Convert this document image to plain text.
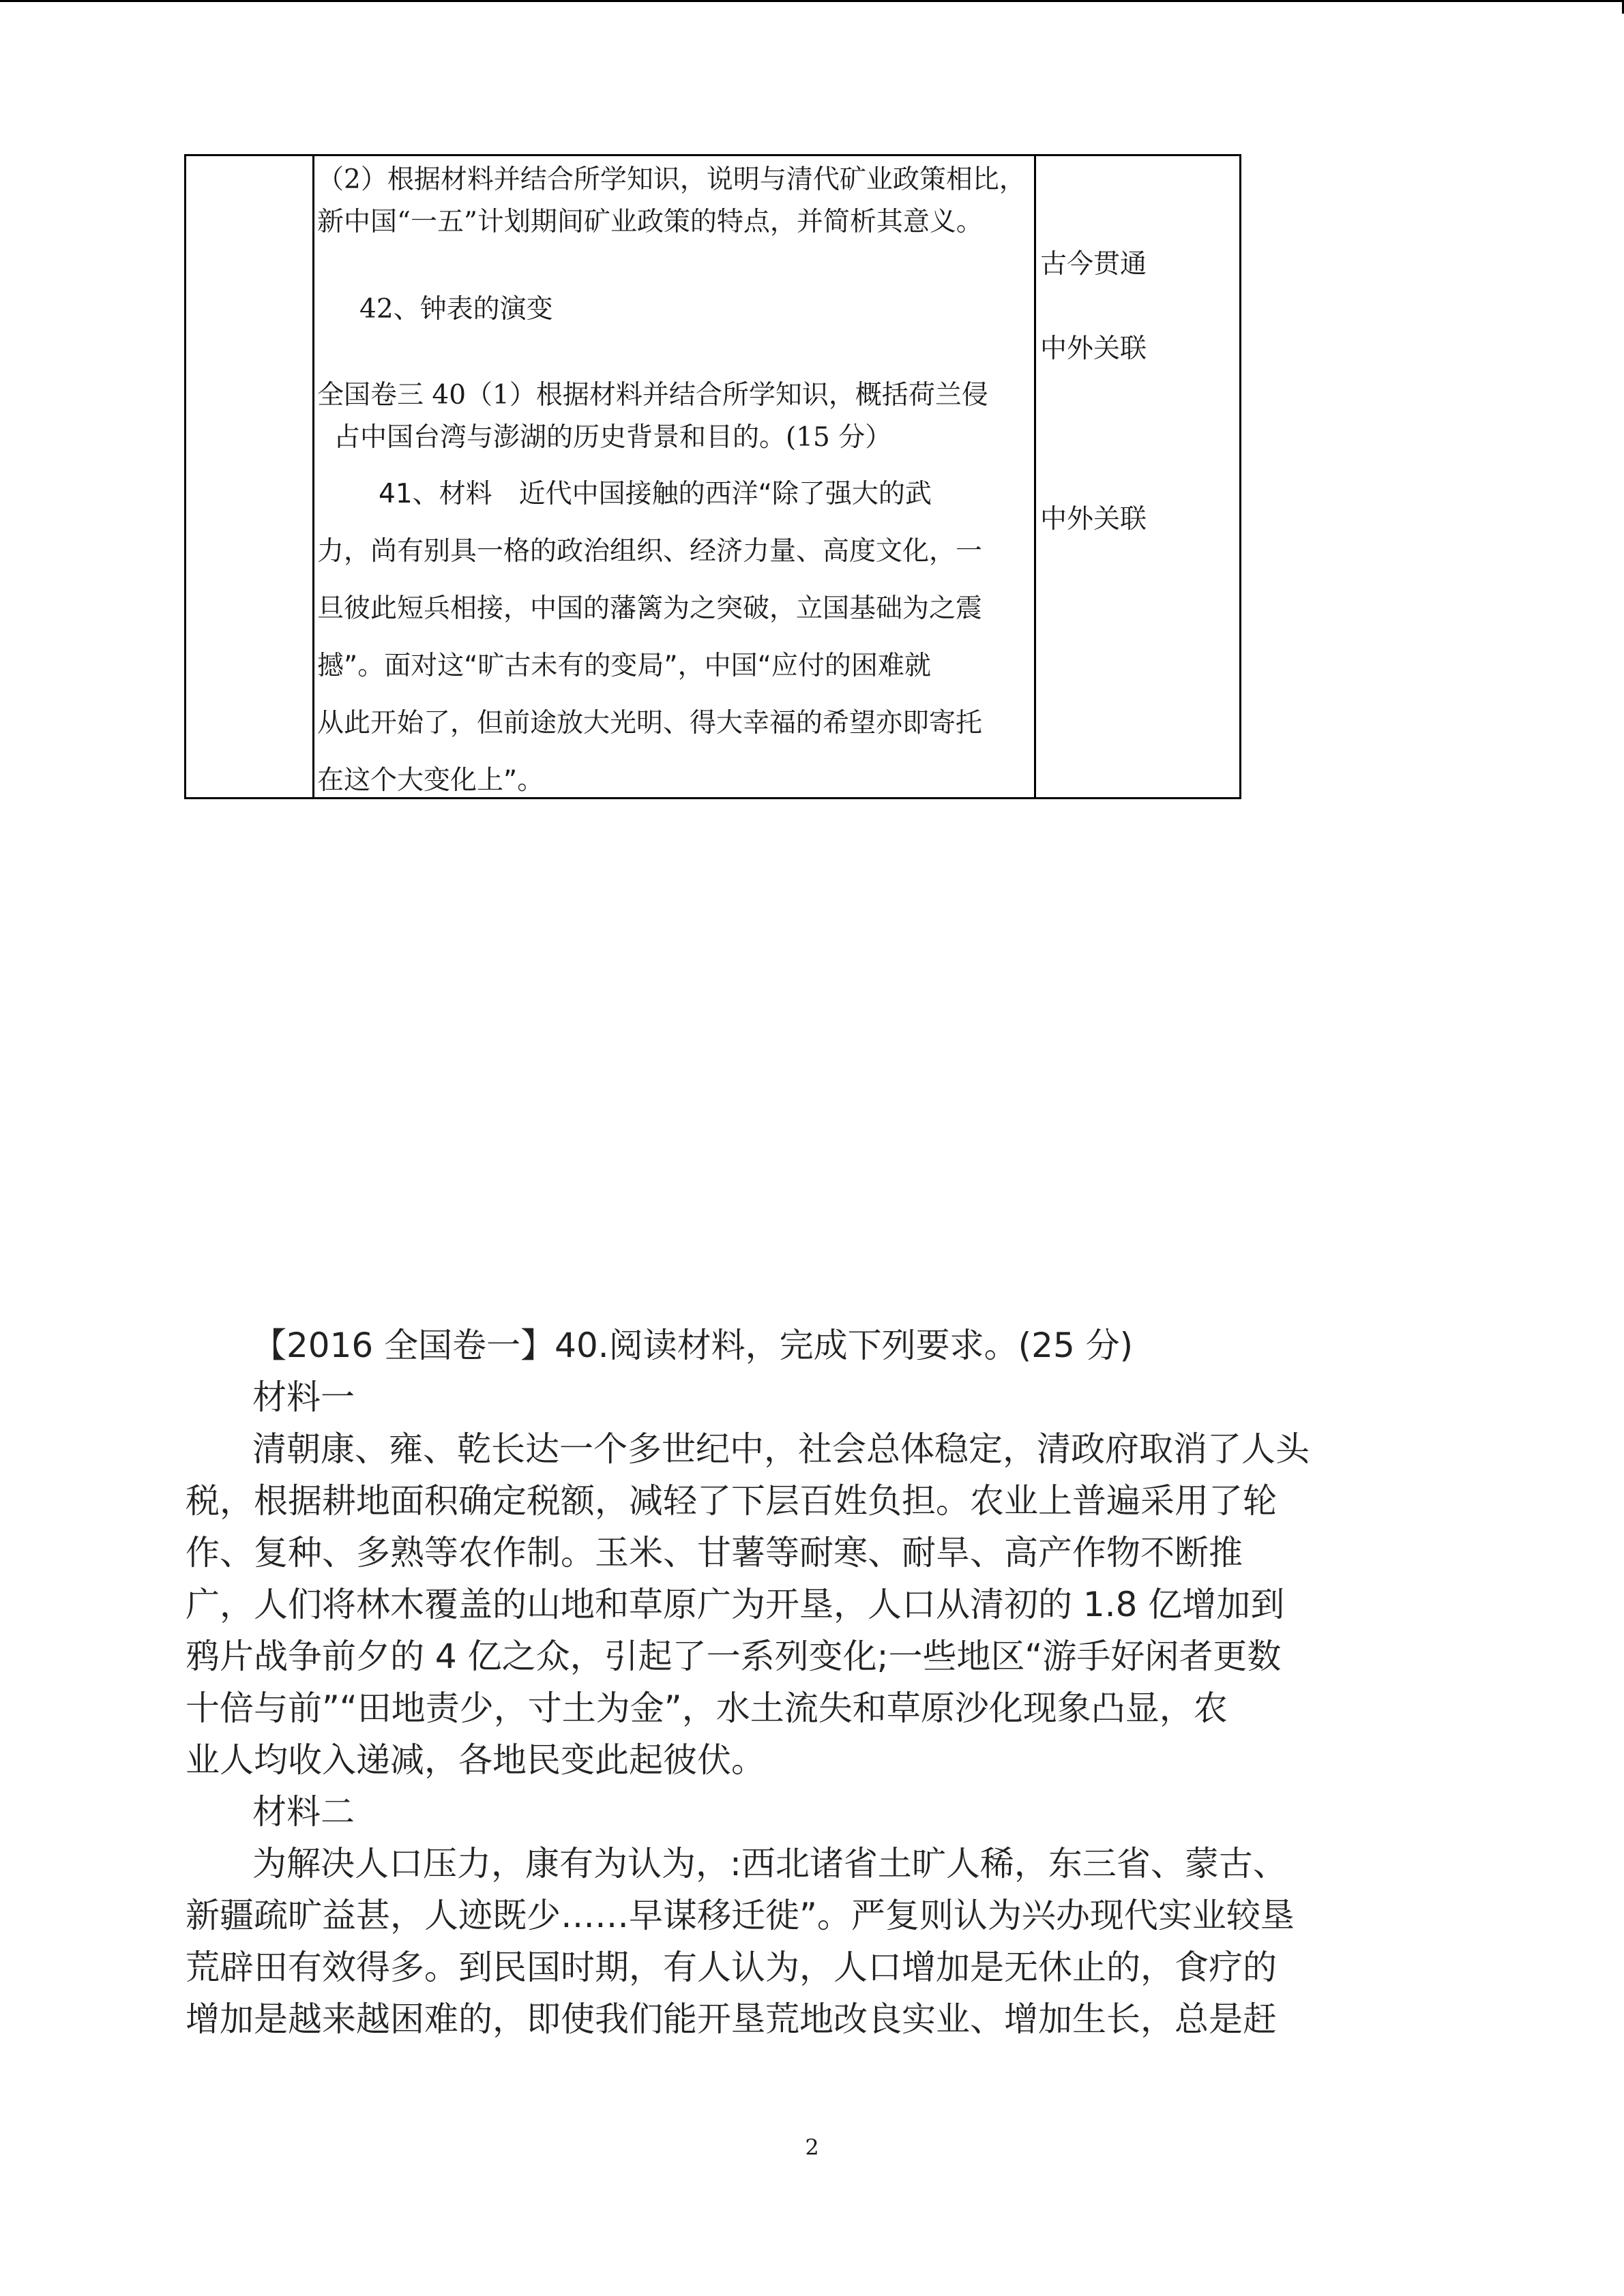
（2）根据材料并结合所学知识，说明与清代矿业政策相比，新中国“一五”计划期间矿业政策的特点，并简析其意义。

42、钟表的演变

全国卷三 40（1）根据材料并结合所学知识，概括荷兰侵

占中国台湾与澎湖的历史背景和目的。(15 分）

41、材料　近代中国接触的西洋“除了强大的武

力，尚有别具一格的政治组织、经济力量、高度文化，一

旦彼此短兵相接，中国的藩篱为之突破，立国基础为之震

撼”。面对这“旷古未有的变局”，中国“应付的困难就

从此开始了，但前途放大光明、得大幸福的希望亦即寄托

在这个大变化上”。

古今贯通
中外关联
中外关联

【2016 全国卷一】40.阅读材料，完成下列要求。(25 分)

材料一

清朝康、雍、乾长达一个多世纪中，社会总体稳定，清政府取消了人头

税，根据耕地面积确定税额，减轻了下层百姓负担。农业上普遍采用了轮

作、复种、多熟等农作制。玉米、甘薯等耐寒、耐旱、高产作物不断推

广，人们将林木覆盖的山地和草原广为开垦，人口从清初的 1.8 亿增加到

鸦片战争前夕的 4 亿之众，引起了一系列变化;一些地区“游手好闲者更数

十倍与前”“田地责少，寸土为金”，水土流失和草原沙化现象凸显，农

业人均收入递减，各地民变此起彼伏。

材料二

为解决人口压力，康有为认为，:西北诸省土旷人稀，东三省、蒙古、

新疆疏旷益甚，人迹既少……早谋移迁徙”。严复则认为兴办现代实业较垦

荒辟田有效得多。到民国时期，有人认为，人口增加是无休止的，食疗的

增加是越来越困难的，即使我们能开垦荒地改良实业、增加生长，总是赶

2
